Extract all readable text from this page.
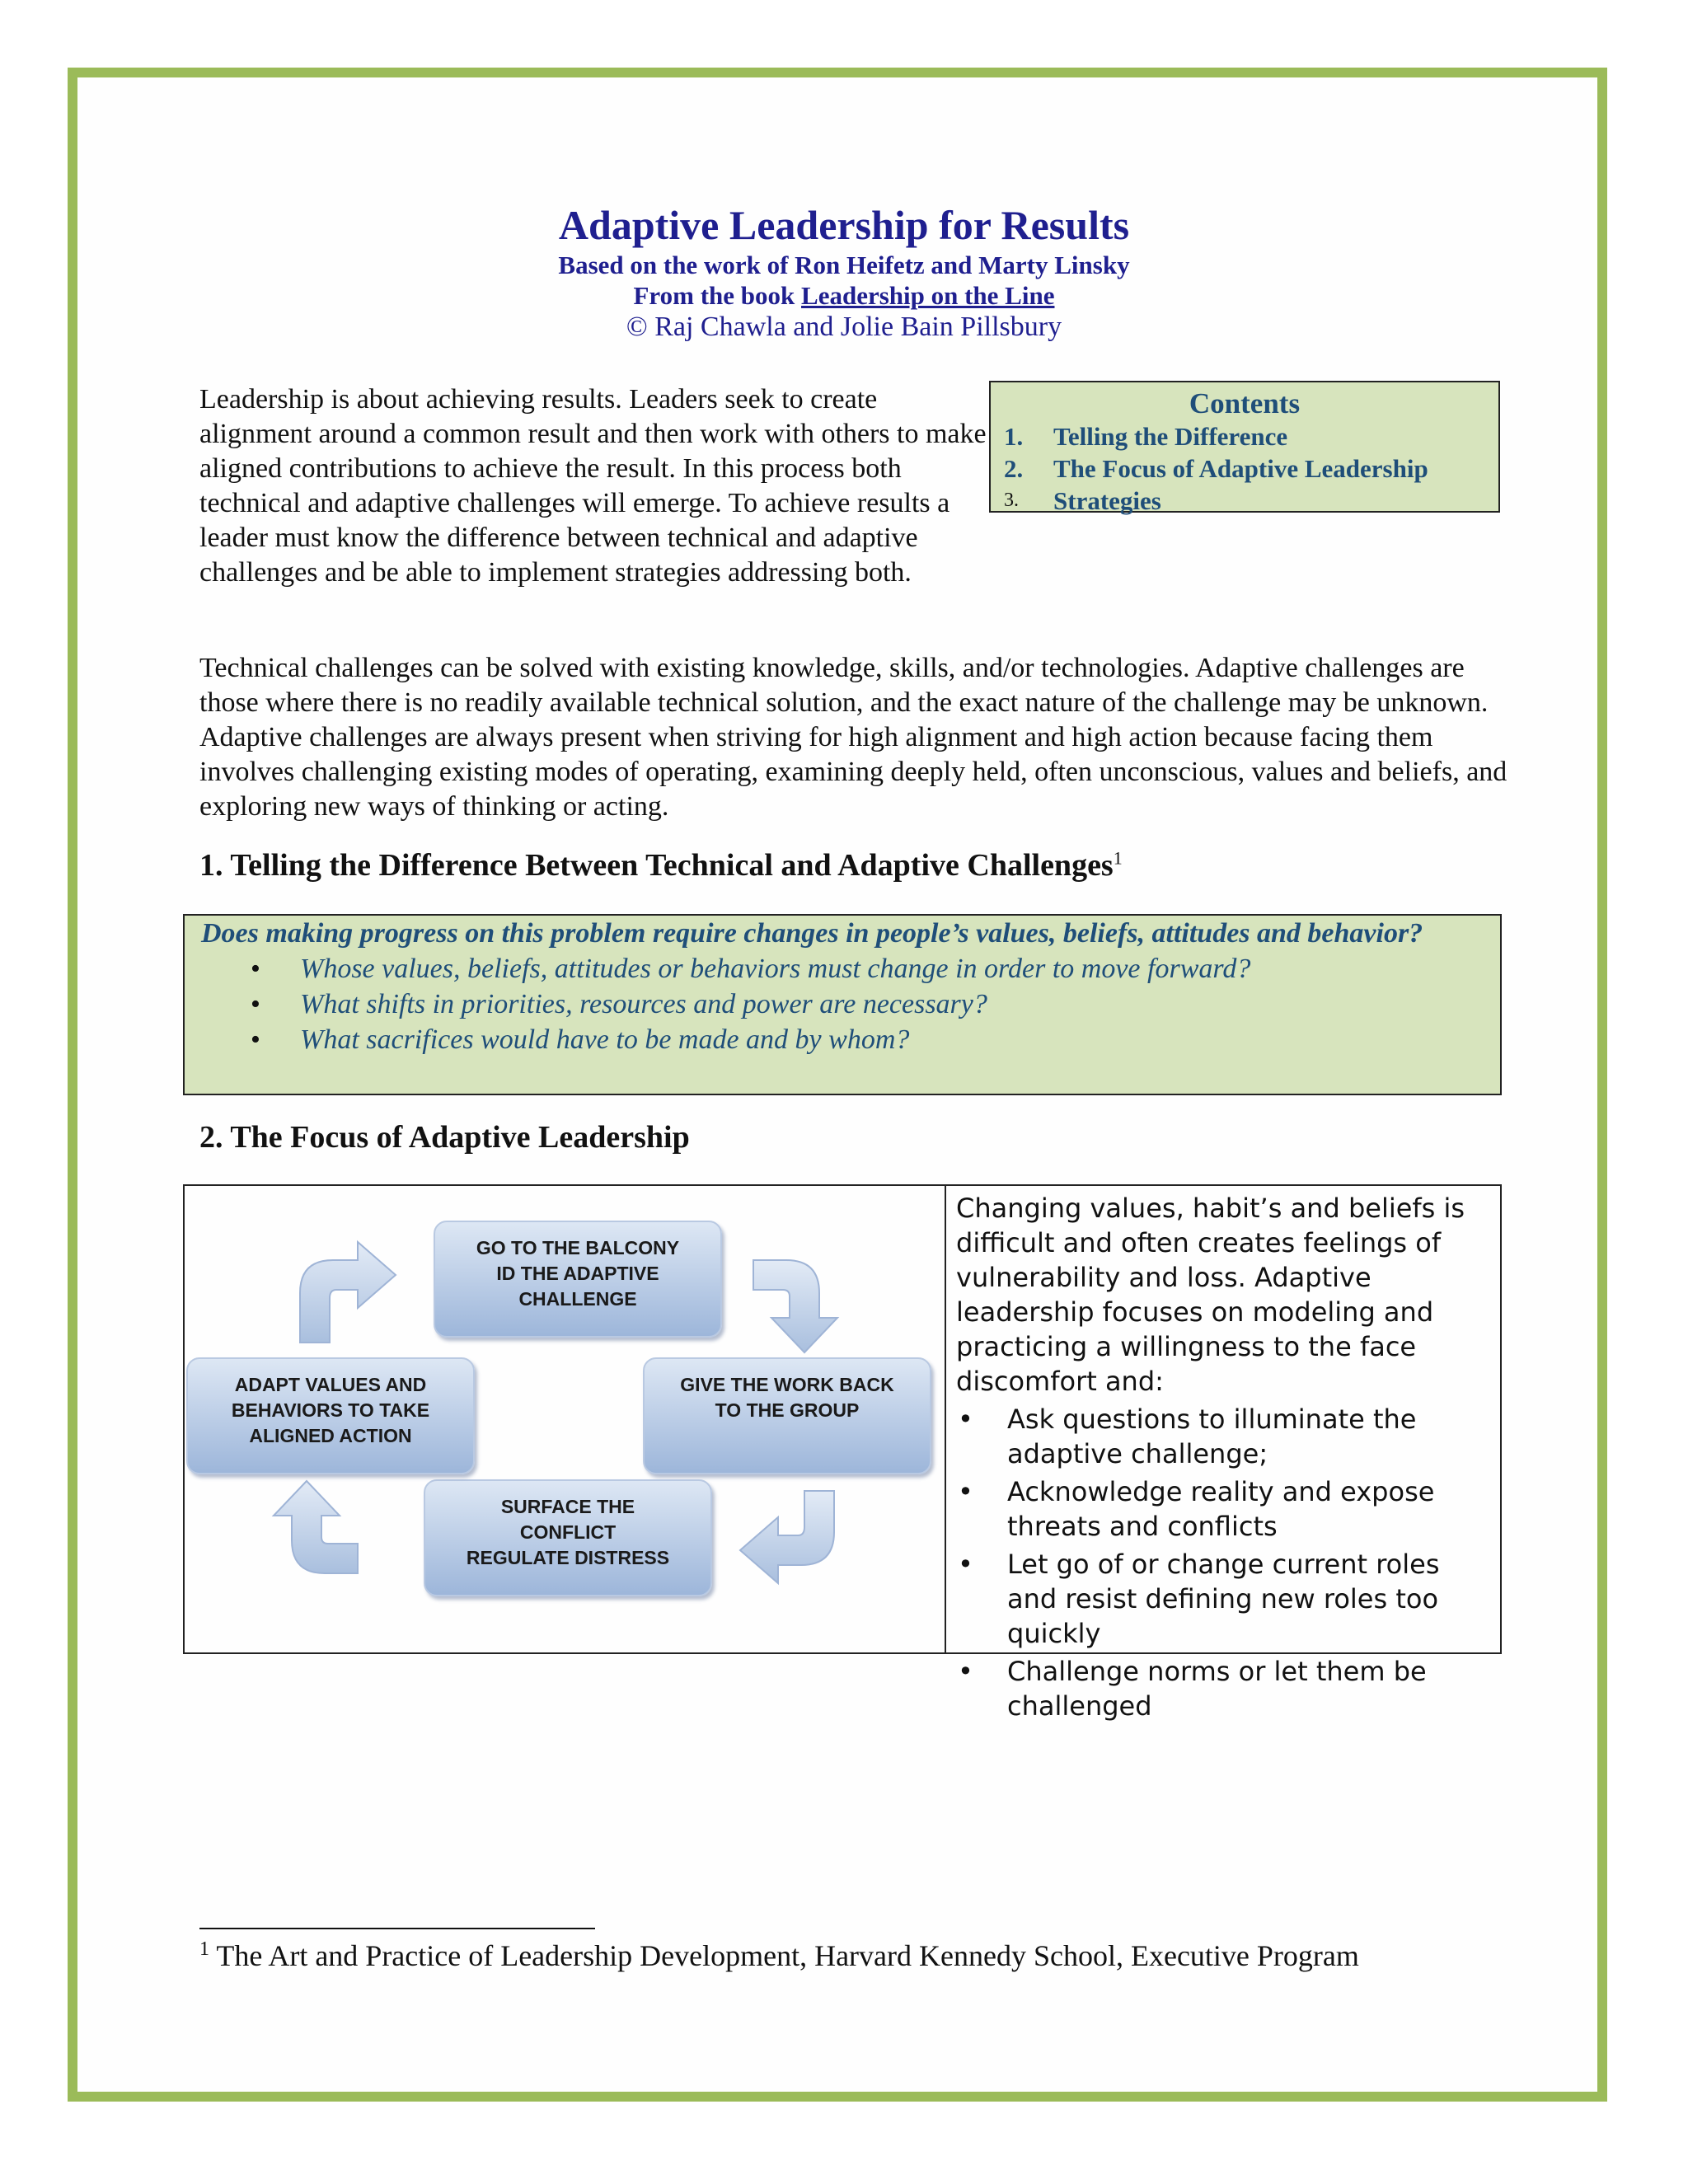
Adaptive Leadership for Results
Based on the work of Ron Heifetz and Marty Linsky
From the book Leadership on the Line
© Raj Chawla and Jolie Bain Pillsbury
Leadership is about achieving results. Leaders seek to create alignment around a common result and then work with others to make aligned contributions to achieve the result. In this process both technical and adaptive challenges will emerge. To achieve results a leader must know the difference between technical and adaptive challenges and be able to implement strategies addressing both.
Contents
1.	Telling the Difference
2.	The Focus of Adaptive Leadership
3.	Strategies
Technical challenges can be solved with existing knowledge, skills, and/or technologies. Adaptive challenges are those where there is no readily available technical solution, and the exact nature of the challenge may be unknown. Adaptive challenges are always present when striving for high alignment and high action because facing them involves challenging existing modes of operating, examining deeply held, often unconscious, values and beliefs, and exploring new ways of thinking or acting.
1. Telling the Difference Between Technical and Adaptive Challenges$^1$
Does making progress on this problem require changes in people’s values, beliefs, attitudes and behavior?
•	Whose values, beliefs, attitudes or behaviors must change in order to move forward?
•	What shifts in priorities, resources and power are necessary?
•	What sacrifices would have to be made and by whom?
2. The Focus of Adaptive Leadership
GO TO THE BALCONY
ID THE ADAPTIVE
CHALLENGE
GIVE THE WORK BACK
TO THE GROUP
SURFACE THE
CONFLICT
REGULATE DISTRESS
ADAPT VALUES AND
BEHAVIORS TO TAKE
ALIGNED ACTION
Changing values, habit’s and beliefs is difficult and often creates feelings of vulnerability and loss. Adaptive leadership focuses on modeling and practicing a willingness to the face discomfort and:
•	Ask questions to illuminate the adaptive challenge;
•	Acknowledge reality and expose threats and conflicts
•	Let go of or change current roles and resist defining new roles too quickly
•	Challenge norms or let them be challenged
$^1$ The Art and Practice of Leadership Development, Harvard Kennedy School, Executive Program
